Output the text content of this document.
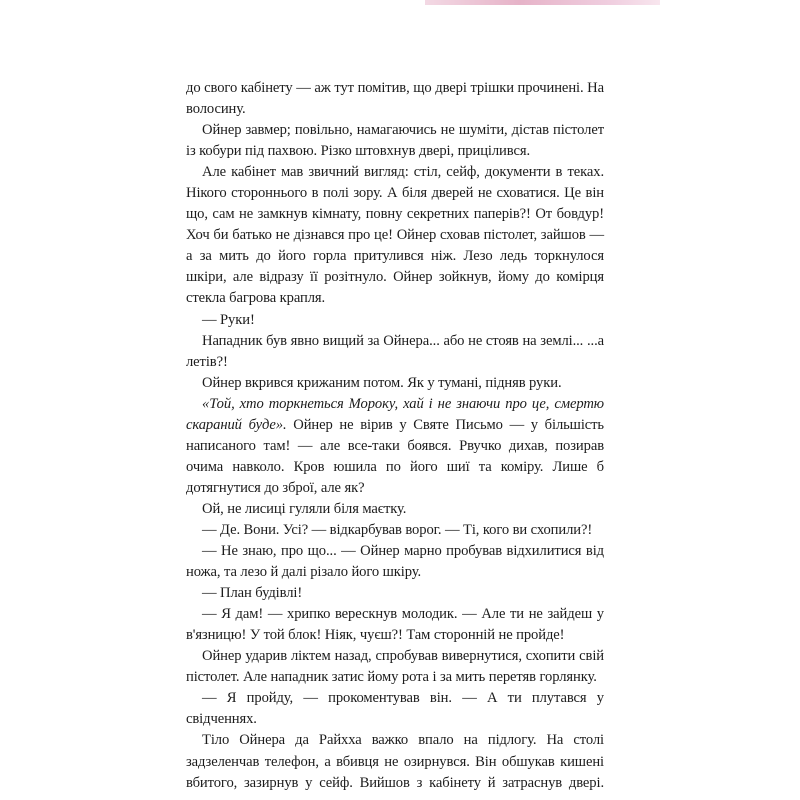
до свого кабінету — аж тут помітив, що двері трішки прочинені. На волосину.

Ойнер завмер; повільно, намагаючись не шуміти, дістав пістолет із кобури під пахвою. Різко штовхнув двері, прицілився.

Але кабінет мав звичний вигляд: стіл, сейф, документи в теках. Нікого стороннього в полі зору. А біля дверей не сховатися. Це він що, сам не замкнув кімнату, повну секретних паперів?! От бовдур! Хоч би батько не дізнався про це! Ойнер сховав пістолет, зайшов — а за мить до його горла притулився ніж. Лезо ледь торкнулося шкіри, але відразу її розітнуло. Ойнер зойкнув, йому до комірця стекла багрова крапля.

— Руки!

Нападник був явно вищий за Ойнера... або не стояв на землі... ...а летів?!

Ойнер вкрився крижаним потом. Як у тумані, підняв руки.

«Той, хто торкнеться Мороку, хай і не знаючи про це, смертю скараний буде». Ойнер не вірив у Святе Письмо — у більшість написаного там! — але все-таки боявся. Рвучко дихав, позирав очима навколо. Кров юшила по його шиї та коміру. Лише б дотягнутися до зброї, але як?

Ой, не лисиці гуляли біля маєтку.

— Де. Вони. Усі? — відкарбував ворог. — Ті, кого ви схопили?!

— Не знаю, про що... — Ойнер марно пробував відхилитися від ножа, та лезо й далі різало його шкіру.

— План будівлі!

— Я дам! — хрипко верескнув молодик. — Але ти не зайдеш у в'язницю! У той блок! Ніяк, чуєш?! Там сторонній не пройде!

Ойнер ударив ліктем назад, спробував вивернутися, схопити свій пістолет. Але нападник затис йому рота і за мить перетяв горлянку.

— Я пройду, — прокоментував він. — А ти плутався у свідченнях.

Тіло Ойнера да Райхха важко впало на підлогу. На столі задзеленчав телефон, а вбивця не озирнувся. Він обшукав кишені вбитого, зазирнув у сейф. Вийшов з кабінету й затраснув двері.
